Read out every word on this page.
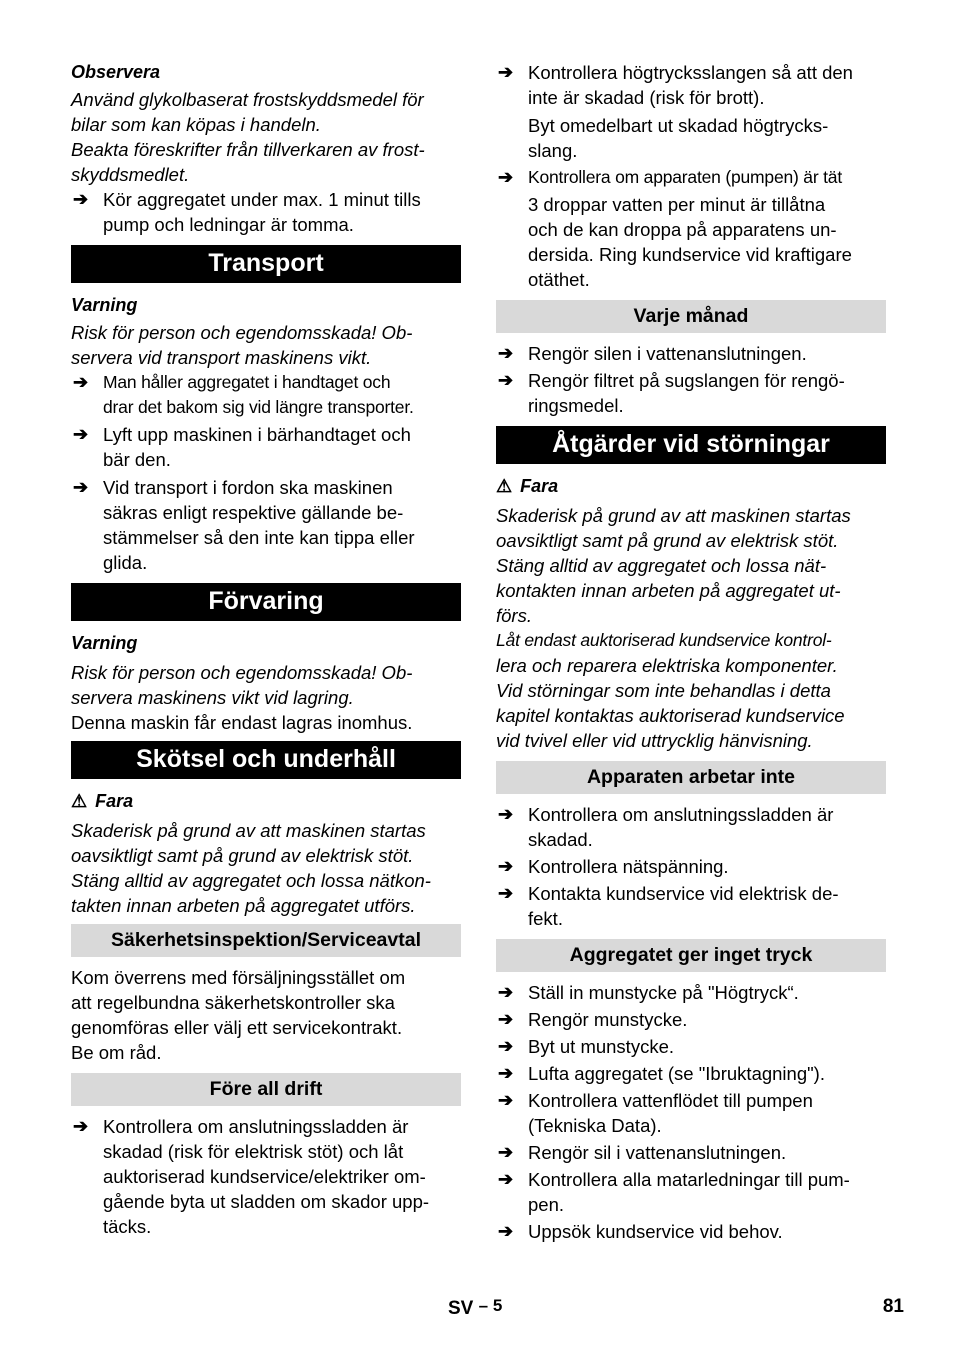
Observera

Använd glykolbaserat frostskyddsmedel för

bilar som kan köpas i handeln.

Beakta föreskrifter från tillverkaren av frost-

skyddsmedlet.

➔ Kör aggregatet under max. 1 minut tills
pump och ledningar är tomma.
Transport

Varning

Risk för person och egendomsskada! Ob-

servera vid transport maskinens vikt.

➔ Man håller aggregatet i handtaget och
drar det bakom sig vid längre transporter.
➔ Lyft upp maskinen i bärhandtaget och
bär den.
➔ Vid transport i fordon ska maskinen
säkras enligt respektive gällande be-
stämmelser så den inte kan tippa eller
glida.
Förvaring

Varning

Risk för person och egendomsskada! Ob-

servera maskinens vikt vid lagring.

Denna maskin får endast lagras inomhus.

Skötsel och underhåll

⚠ Fara

Skaderisk på grund av att maskinen startas

oavsiktligt samt på grund av elektrisk stöt.

Stäng alltid av aggregatet och lossa nätkon-

takten innan arbeten på aggregatet utförs.

Säkerhetsinspektion/Serviceavtal

Kom överrens med försäljningsstället om

att regelbundna säkerhetskontroller ska

genomföras eller välj ett servicekontrakt.

Be om råd.

Före all drift
➔ Kontrollera om anslutningssladden är
skadad (risk för elektrisk stöt) och låt
auktoriserad kundservice/elektriker om-
gående byta ut sladden om skador upp-
täcks.
➔ Kontrollera högtrycksslangen så att den
inte är skadad (risk för brott).
Byt omedelbart ut skadad högtrycks-
slang.
➔ Kontrollera om apparaten (pumpen) är tät
3 droppar vatten per minut är tillåtna
och de kan droppa på apparatens un-
dersida. Ring kundservice vid kraftigare
otäthet.
Varje månad
➔ Rengör silen i vattenanslutningen.
➔ Rengör filtret på sugslangen för rengö-
ringsmedel.
Åtgärder vid störningar

⚠ Fara

Skaderisk på grund av att maskinen startas

oavsiktligt samt på grund av elektrisk stöt.

Stäng alltid av aggregatet och lossa nät-

kontakten innan arbeten på aggregatet ut-

förs.

Låt endast auktoriserad kundservice kontrol-

lera och reparera elektriska komponenter.

Vid störningar som inte behandlas i detta

kapitel kontaktas auktoriserad kundservice

vid tvivel eller vid uttrycklig hänvisning.

Apparaten arbetar inte
➔ Kontrollera om anslutningssladden är
skadad.
➔ Kontrollera nätspänning.
➔ Kontakta kundservice vid elektrisk de-
fekt.
Aggregatet ger inget tryck
➔ Ställ in munstycke på "Högtryck“.
➔ Rengör munstycke.
➔ Byt ut munstycke.
➔ Lufta aggregatet (se "Ibruktagning").
➔ Kontrollera vattenflödet till pumpen
(Tekniska Data).
➔ Rengör sil i vattenanslutningen.
➔ Kontrollera alla matarledningar till pum-
pen.
➔ Uppsök kundservice vid behov.
SV – 5	81
